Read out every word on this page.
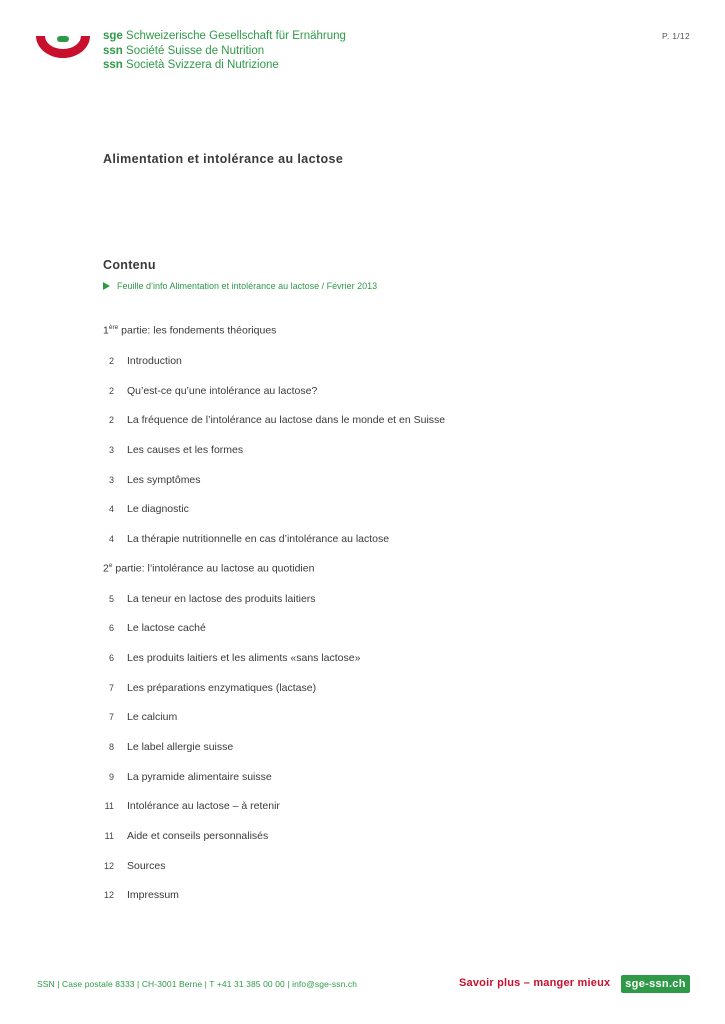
sge Schweizerische Gesellschaft für Ernährung
ssn Société Suisse de Nutrition
ssn Società Svizzera di Nutrizione
P. 1/12
Alimentation et intolérance au lactose
Contenu
Feuille d’info Alimentation et intolérance au lactose / Février 2013
1ère partie: les fondements théoriques
2 Introduction
2 Qu’est-ce qu’une intolérance au lactose?
2 La fréquence de l’intolérance au lactose dans le monde et en Suisse
3 Les causes et les formes
3 Les symptômes
4 Le diagnostic
4 La thérapie nutritionnelle en cas d’intolérance au lactose
2e partie: l’intolérance au lactose au quotidien
5 La teneur en lactose des produits laitiers
6 Le lactose caché
6 Les produits laitiers et les aliments «sans lactose»
7 Les préparations enzymatiques (lactase)
7 Le calcium
8 Le label allergie suisse
9 La pyramide alimentaire suisse
11 Intolérance au lactose – à retenir
11 Aide et conseils personnalisés
12 Sources
12 Impressum
SSN | Case postale 8333 | CH-3001 Berne | T +41 31 385 00 00 | info@sge-ssn.ch	Savoir plus – manger mieux	sge-ssn.ch
